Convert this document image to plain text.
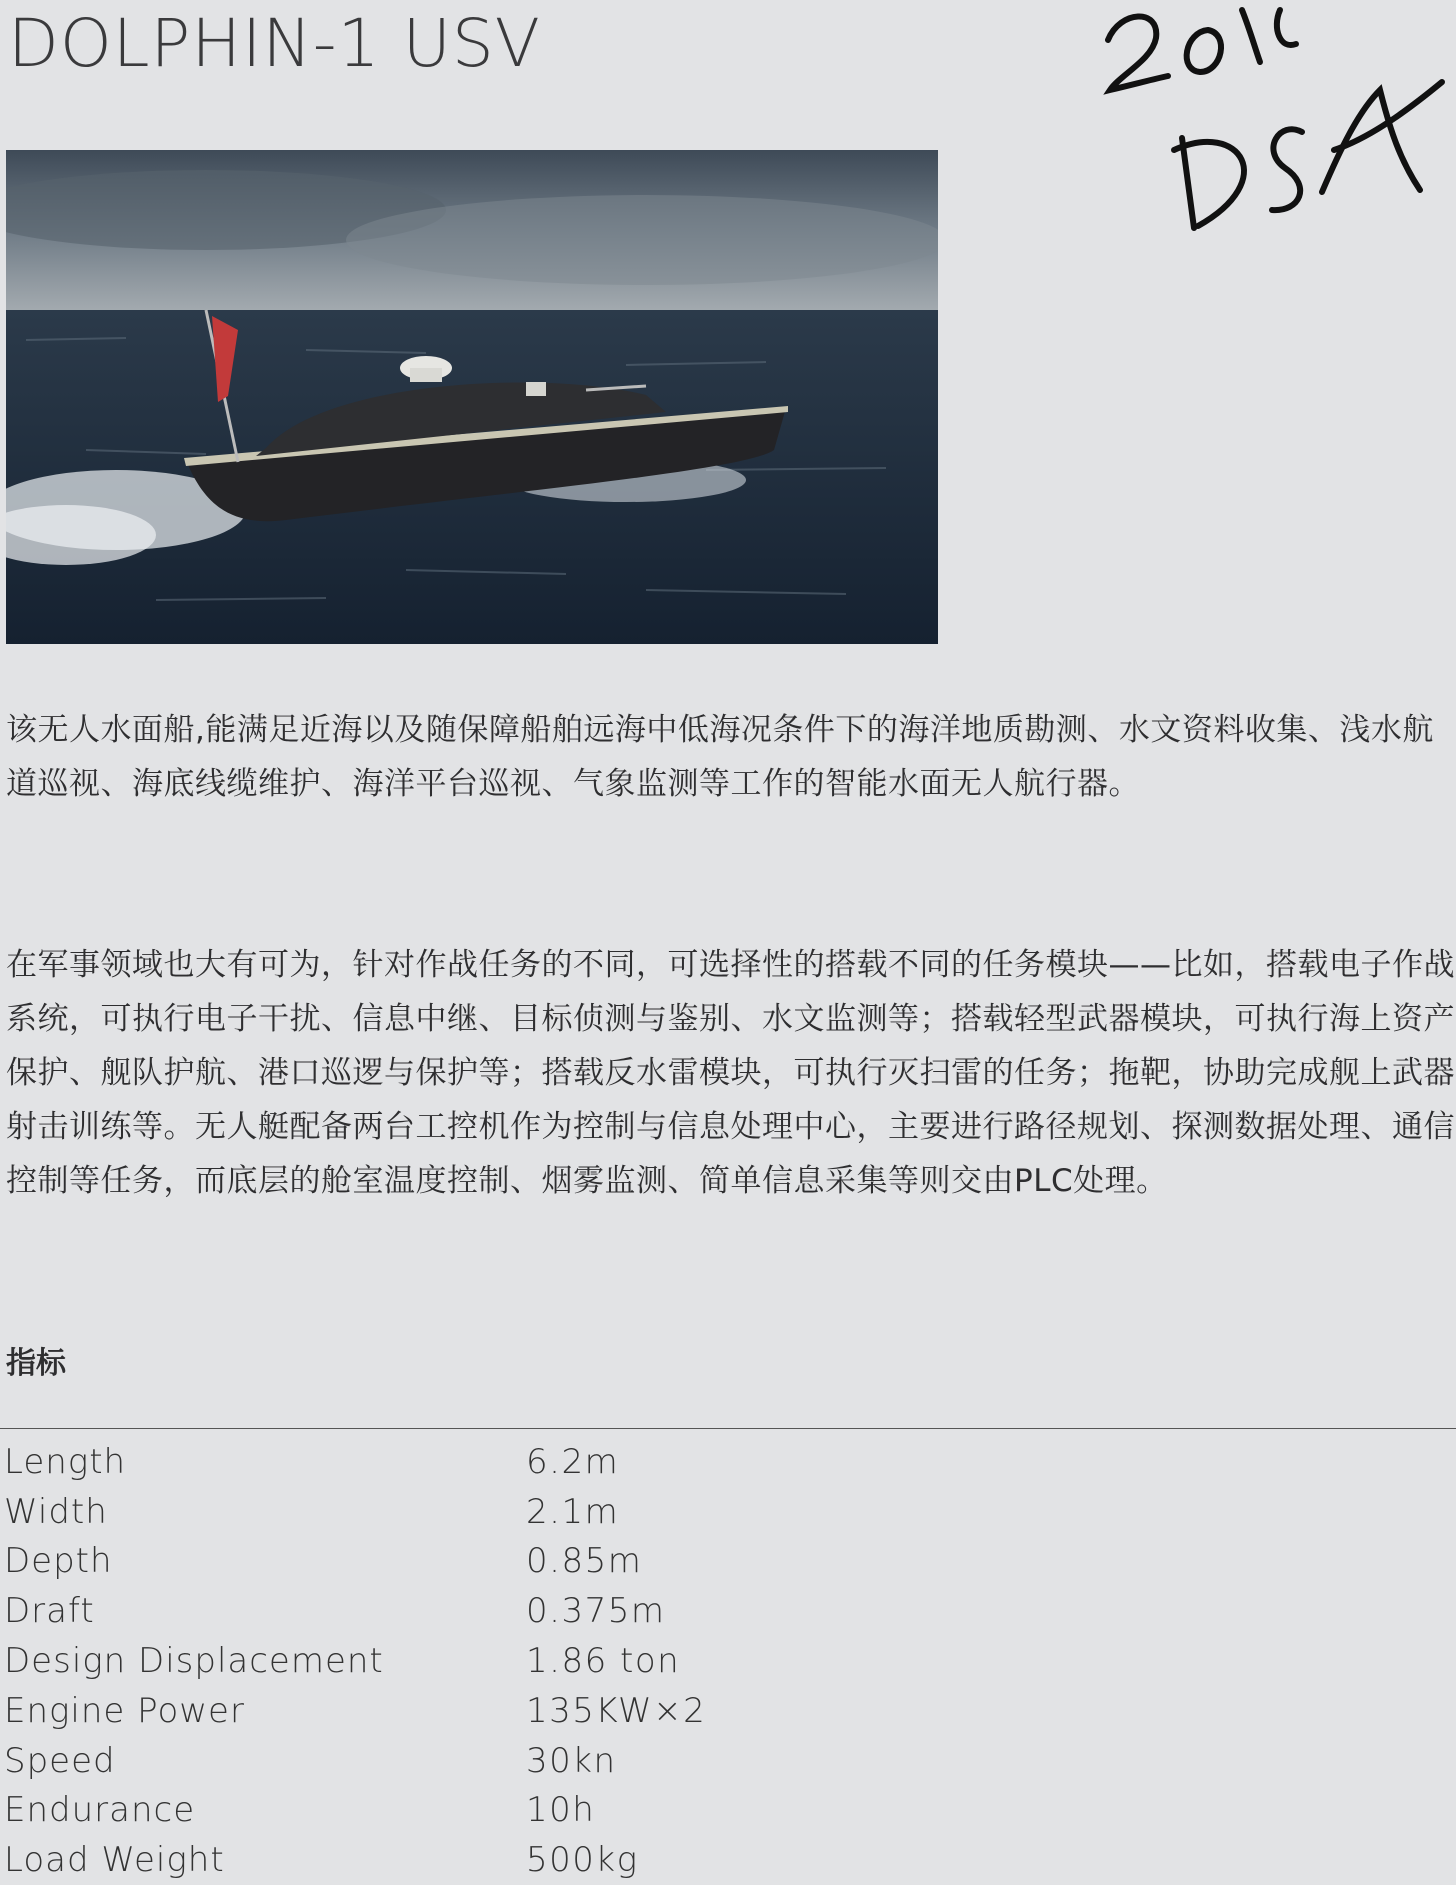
DOLPHIN-1 USV

该无人水面船,能满足近海以及随保障船舶远海中低海况条件下的海洋地质勘测、水文资料收集、浅水航道巡视、海底线缆维护、海洋平台巡视、气象监测等工作的智能水面无人航行器。

在军事领域也大有可为，针对作战任务的不同，可选择性的搭载不同的任务模块——比如，搭载电子作战系统，可执行电子干扰、信息中继、目标侦测与鉴别、水文监测等；搭载轻型武器模块，可执行海上资产保护、舰队护航、港口巡逻与保护等；搭载反水雷模块，可执行灭扫雷的任务；拖靶，协助完成舰上武器射击训练等。无人艇配备两台工控机作为控制与信息处理中心，主要进行路径规划、探测数据处理、通信控制等任务，而底层的舱室温度控制、烟雾监测、简单信息采集等则交由PLC处理。

指标
Length	6.2m
Width	2.1m
Depth	0.85m
Draft	0.375m
Design Displacement	1.86 ton
Engine Power	135KW×2
Speed	30kn
Endurance	10h
Load Weight	500kg
